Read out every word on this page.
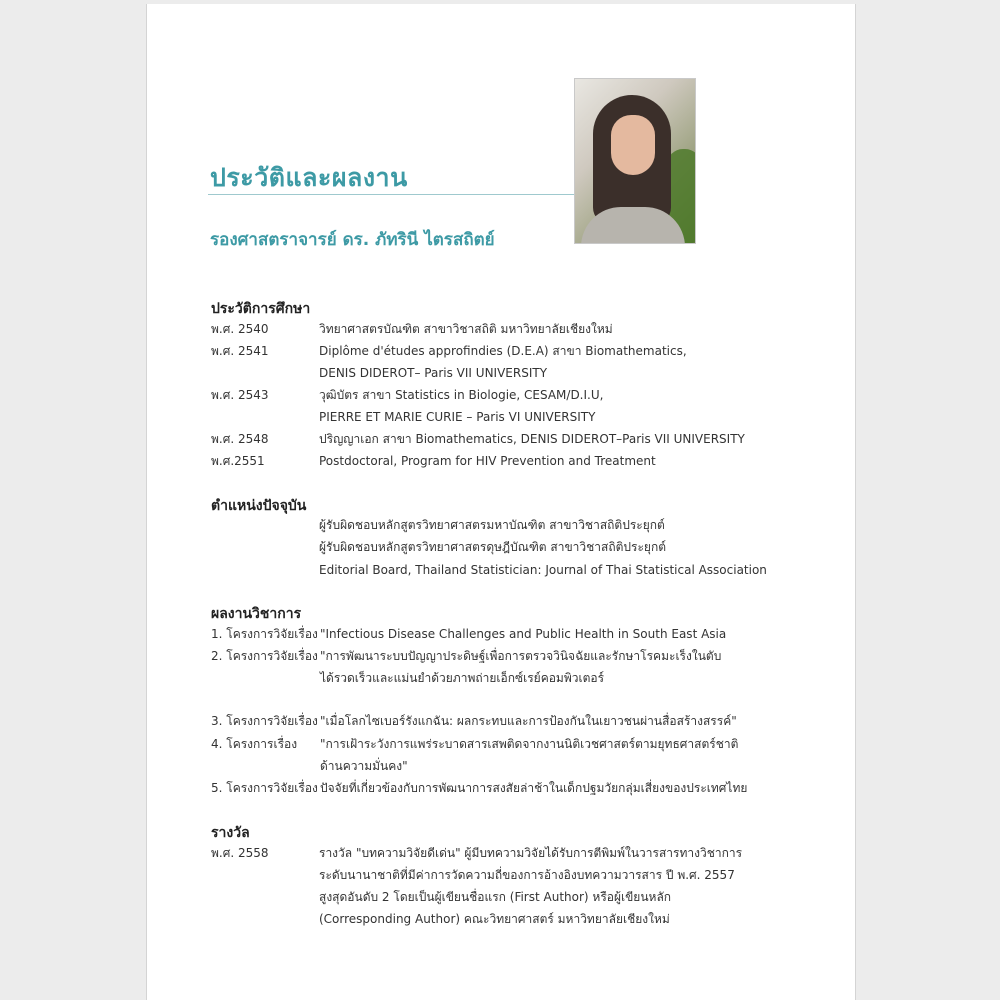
ประวัติและผลงาน
รองศาสตราจารย์ ดร. ภัทรินี ไตรสถิตย์
ประวัติการศึกษา
พ.ศ. 2540	วิทยาศาสตรบัณฑิต สาขาวิชาสถิติ มหาวิทยาลัยเชียงใหม่
พ.ศ. 2541	Diplôme d'études approfindies (D.E.A) สาขา Biomathematics,
DENIS DIDEROT– Paris VII UNIVERSITY
พ.ศ. 2543	วุฒิบัตร สาขา Statistics in Biologie, CESAM/D.I.U,
PIERRE ET MARIE CURIE – Paris VI UNIVERSITY
พ.ศ. 2548	ปริญญาเอก สาขา Biomathematics, DENIS DIDEROT–Paris VII UNIVERSITY
พ.ศ.2551	Postdoctoral, Program for HIV Prevention and Treatment
ตำแหน่งปัจจุบัน
ผู้รับผิดชอบหลักสูตรวิทยาศาสตรมหาบัณฑิต สาขาวิชาสถิติประยุกต์
ผู้รับผิดชอบหลักสูตรวิทยาศาสตรดุษฎีบัณฑิต สาขาวิชาสถิติประยุกต์
Editorial Board, Thailand Statistician: Journal of Thai Statistical Association
ผลงานวิชาการ
1. โครงการวิจัยเรื่อง "Infectious Disease Challenges and Public Health in South East Asia
2. โครงการวิจัยเรื่อง "การพัฒนาระบบปัญญาประดิษฐ์เพื่อการตรวจวินิจฉัยและรักษาโรคมะเร็งในตับ
ได้รวดเร็วและแม่นยำด้วยภาพถ่ายเอ็กซ์เรย์คอมพิวเตอร์
3. โครงการวิจัยเรื่อง "เมื่อโลกไซเบอร์รังแกฉัน: ผลกระทบและการป้องกันในเยาวชนผ่านสื่อสร้างสรรค์"
4. โครงการเรื่อง "การเฝ้าระวังการแพร่ระบาดสารเสพติดจากงานนิติเวชศาสตร์ตามยุทธศาสตร์ชาติ
ด้านความมั่นคง"
5. โครงการวิจัยเรื่อง ปัจจัยที่เกี่ยวข้องกับการพัฒนาการสงสัยล่าช้าในเด็กปฐมวัยกลุ่มเสี่ยงของประเทศไทย
รางวัล
พ.ศ. 2558	รางวัล "บทความวิจัยดีเด่น" ผู้มีบทความวิจัยได้รับการตีพิมพ์ในวารสารทางวิชาการ
ระดับนานาชาติที่มีค่าการวัดความถี่ของการอ้างอิงบทความวารสาร ปี พ.ศ. 2557
สูงสุดอันดับ 2 โดยเป็นผู้เขียนชื่อแรก (First Author) หรือผู้เขียนหลัก
(Corresponding Author) คณะวิทยาศาสตร์ มหาวิทยาลัยเชียงใหม่
